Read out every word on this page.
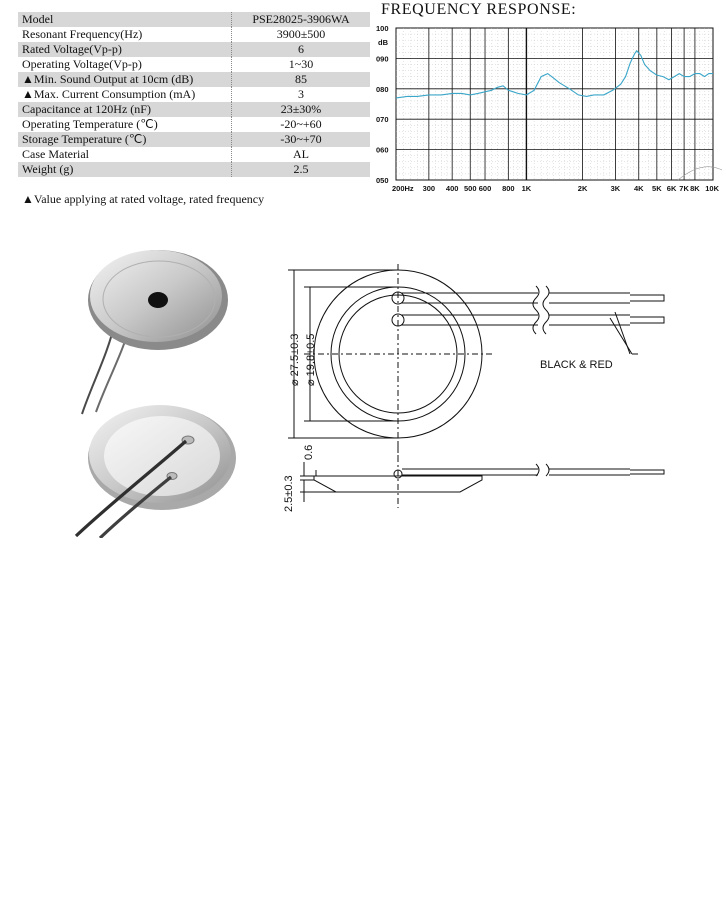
Model	PSE28025-3906WA
Resonant Frequency(Hz)	3900±500
Rated Voltage(Vp-p)	6
Operating Voltage(Vp-p)	1~30
▲Min. Sound Output at 10cm (dB)	85
▲Max. Current Consumption (mA)	3
Capacitance at 120Hz (nF)	23±30%
Operating Temperature (℃)	-20~+60
Storage Temperature (℃)	-30~+70
Case Material	AL
Weight (g)	2.5
▲Value applying at rated voltage, rated frequency
FREQUENCY RESPONSE:
200Hz 300 400 500 600 800 1K	2K	3K 4K 5K 6K 7K 8K 10K
100
090
080
070
060
050
dB
⌀ 27.5±0.3
⌀ 19.8±0.5	BLACK & RED
0.6
2.5±0.3
